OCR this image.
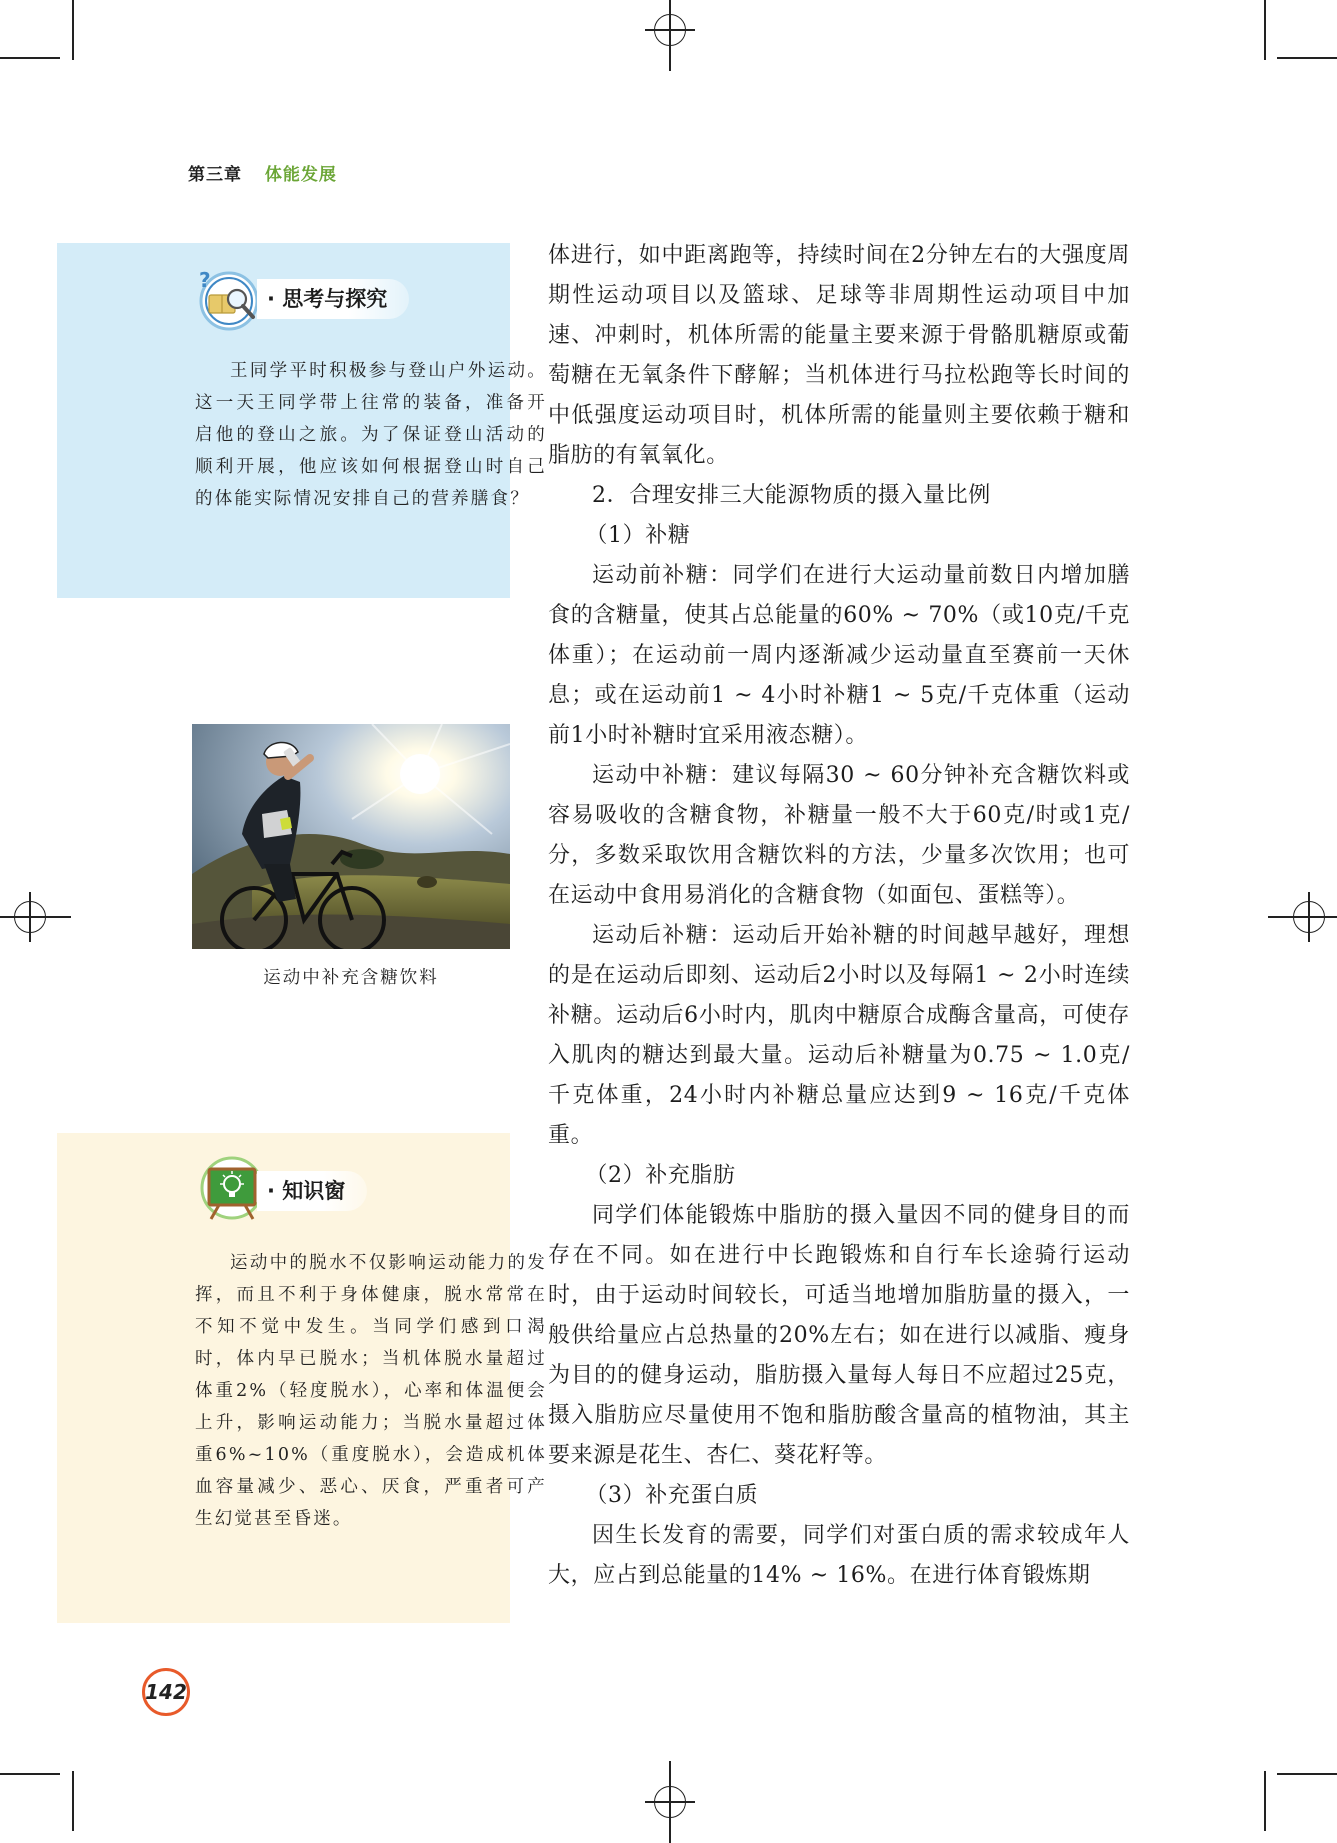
第三章 体能发展
?
· 思考与探究
王同学平时积极参与登山户外运动。这一天王同学带上往常的装备，准备开启他的登山之旅。为了保证登山活动的顺利开展，他应该如何根据登山时自己的体能实际情况安排自己的营养膳食？
运动中补充含糖饮料
· 知识窗
运动中的脱水不仅影响运动能力的发挥，而且不利于身体健康，脱水常常在不知不觉中发生。当同学们感到口渴时，体内早已脱水；当机体脱水量超过体重2%（轻度脱水），心率和体温便会上升，影响运动能力；当脱水量超过体重6%~10%（重度脱水），会造成机体血容量减少、恶心、厌食，严重者可产生幻觉甚至昏迷。

体进行，如中距离跑等，持续时间在2分钟左右的大强度周期性运动项目以及篮球、足球等非周期性运动项目中加速、冲刺时，机体所需的能量主要来源于骨骼肌糖原或葡萄糖在无氧条件下酵解；当机体进行马拉松跑等长时间的中低强度运动项目时，机体所需的能量则主要依赖于糖和脂肪的有氧氧化。

2．合理安排三大能源物质的摄入量比例

（1）补糖

运动前补糖：同学们在进行大运动量前数日内增加膳食的含糖量，使其占总能量的60% ~ 70%（或10克/千克体重）；在运动前一周内逐渐减少运动量直至赛前一天休息；或在运动前1 ~ 4小时补糖1 ~ 5克/千克体重（运动前1小时补糖时宜采用液态糖）。

运动中补糖：建议每隔30 ~ 60分钟补充含糖饮料或容易吸收的含糖食物，补糖量一般不大于60克/时或1克/分，多数采取饮用含糖饮料的方法，少量多次饮用；也可在运动中食用易消化的含糖食物（如面包、蛋糕等）。

运动后补糖：运动后开始补糖的时间越早越好，理想的是在运动后即刻、运动后2小时以及每隔1 ~ 2小时连续补糖。运动后6小时内，肌肉中糖原合成酶含量高，可使存入肌肉的糖达到最大量。运动后补糖量为0.75 ~ 1.0克/千克体重，24小时内补糖总量应达到9 ~ 16克/千克体重。

（2）补充脂肪

同学们体能锻炼中脂肪的摄入量因不同的健身目的而存在不同。如在进行中长跑锻炼和自行车长途骑行运动时，由于运动时间较长，可适当地增加脂肪量的摄入，一般供给量应占总热量的20%左右；如在进行以减脂、瘦身为目的的健身运动，脂肪摄入量每人每日不应超过25克，摄入脂肪应尽量使用不饱和脂肪酸含量高的植物油，其主要来源是花生、杏仁、葵花籽等。

（3）补充蛋白质

因生长发育的需要，同学们对蛋白质的需求较成年人大，应占到总能量的14% ~ 16%。在进行体育锻炼期

142
